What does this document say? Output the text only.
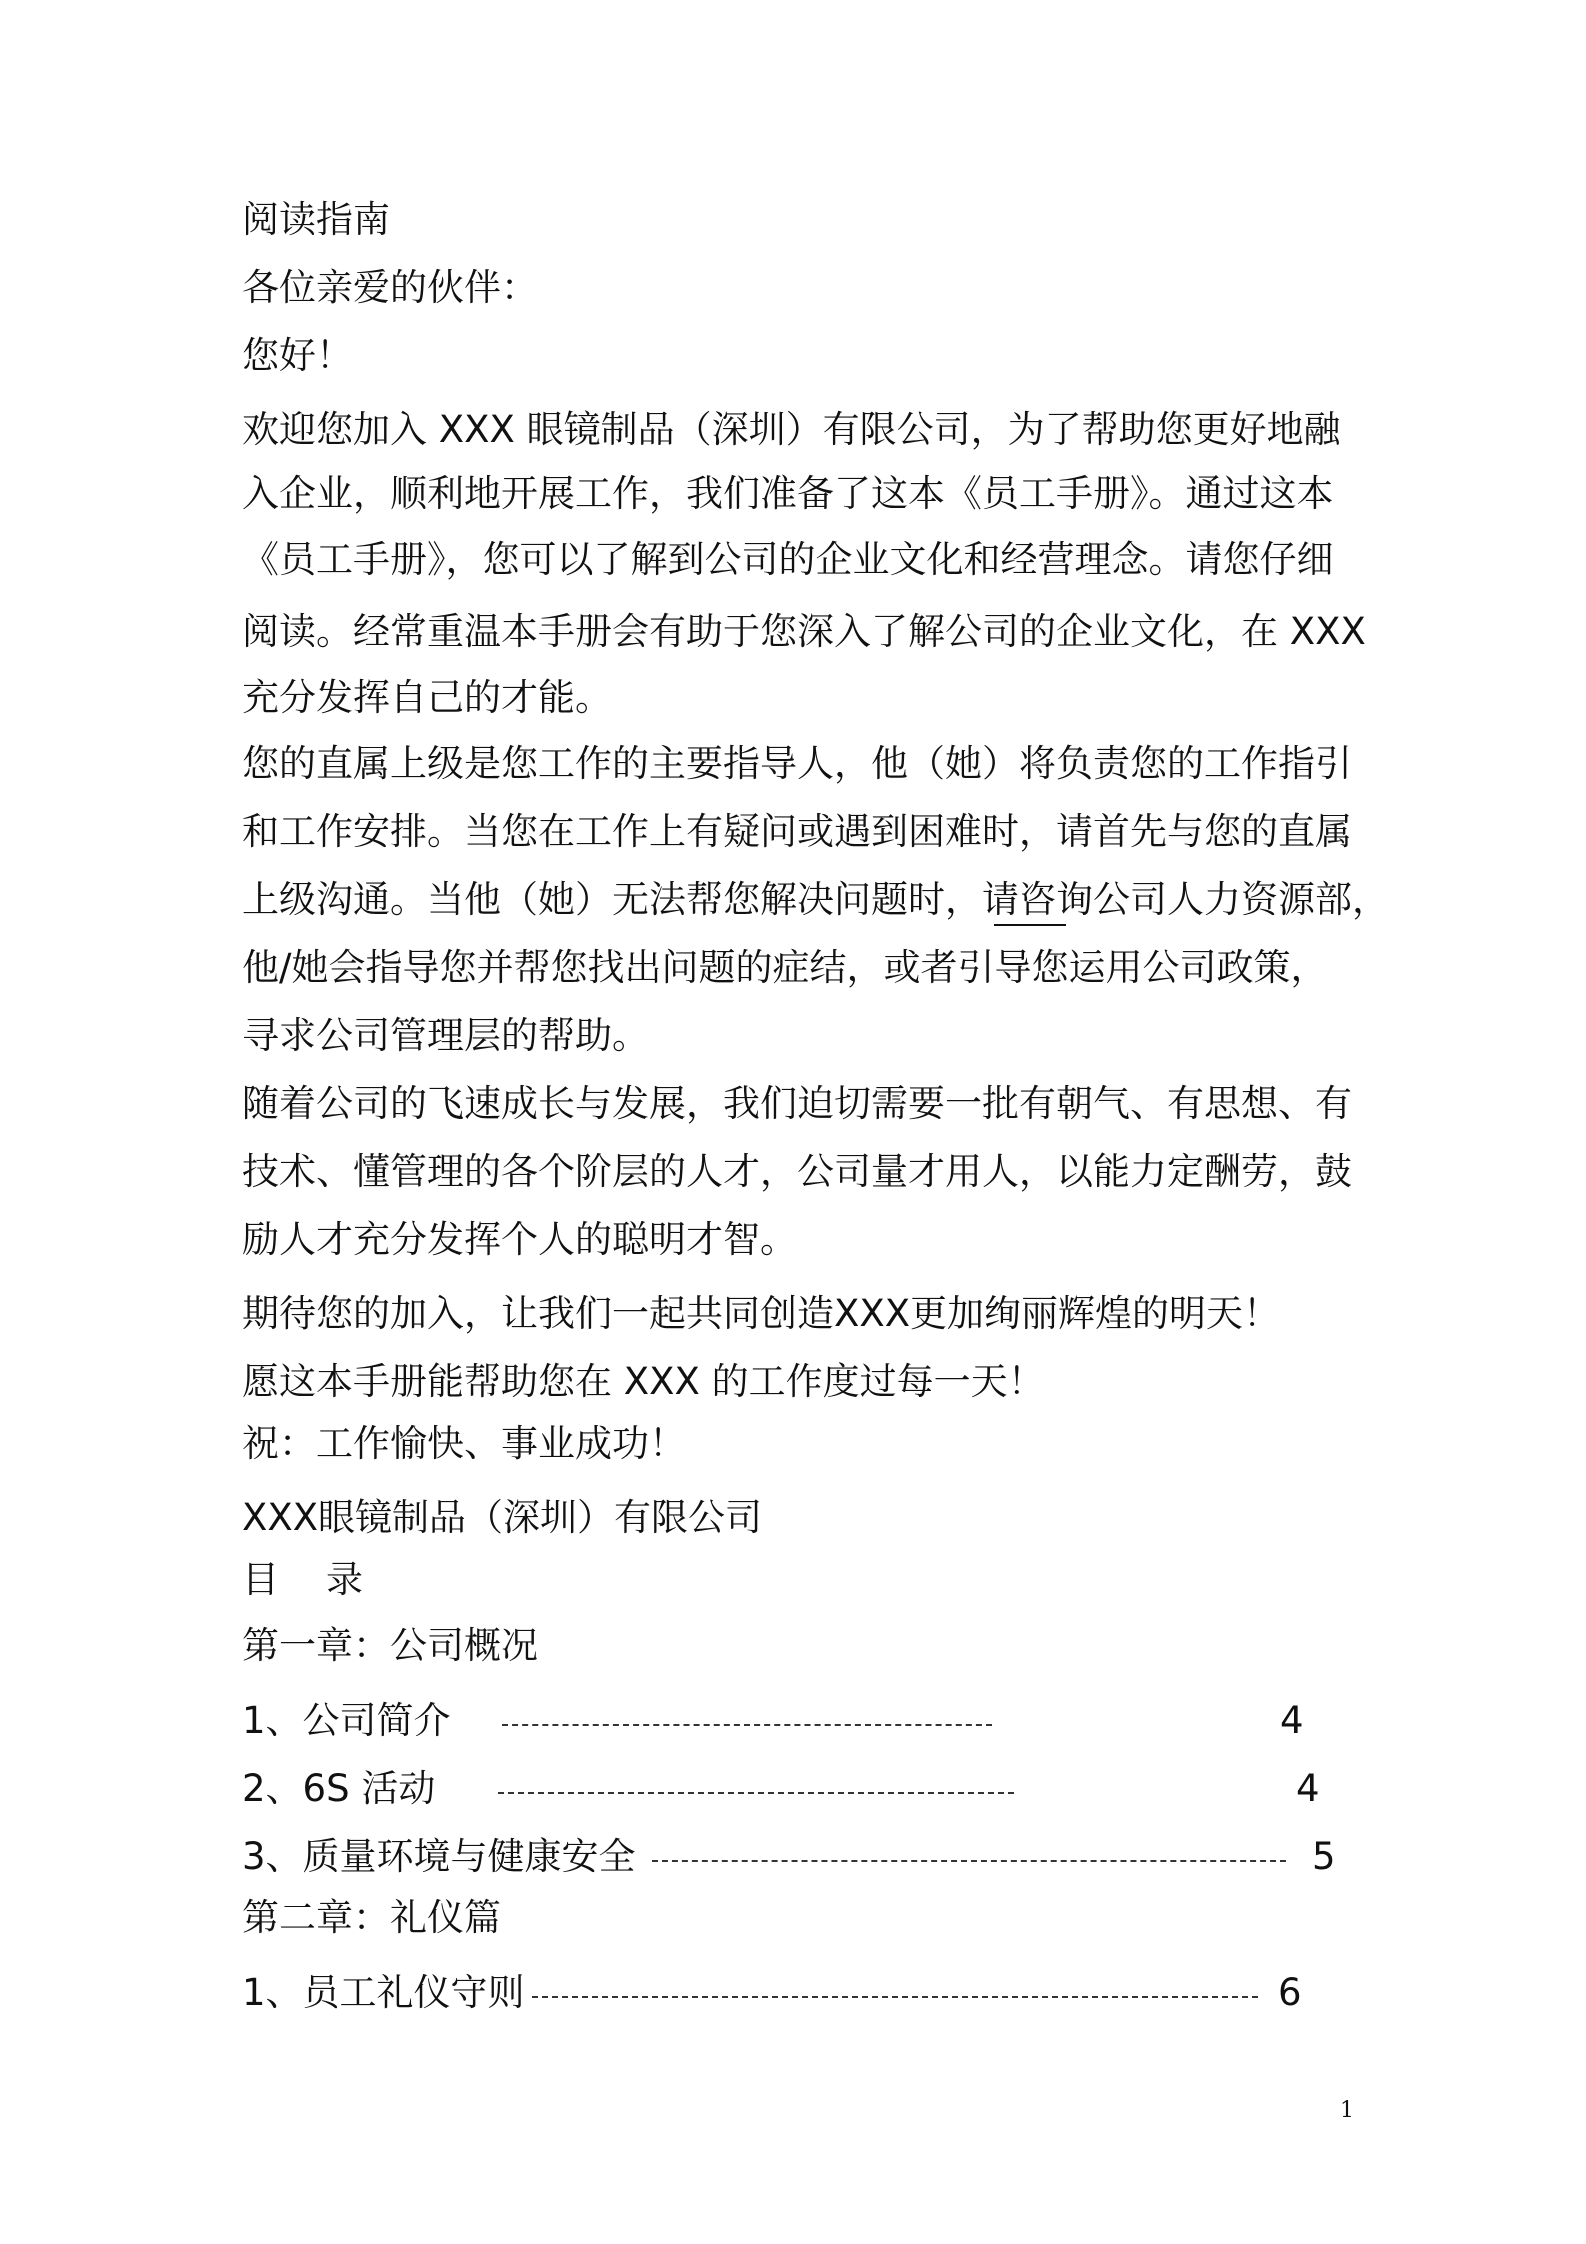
阅读指南
各位亲爱的伙伴：
您好！
欢迎您加入 XXX 眼镜制品（深圳）有限公司，为了帮助您更好地融
入企业，顺利地开展工作，我们准备了这本《员工手册》。通过这本
《员工手册》，您可以了解到公司的企业文化和经营理念。请您仔细
阅读。经常重温本手册会有助于您深入了解公司的企业文化，在 XXX
充分发挥自己的才能。
您的直属上级是您工作的主要指导人，他（她）将负责您的工作指引
和工作安排。当您在工作上有疑问或遇到困难时，请首先与您的直属
上级沟通。当他（她）无法帮您解决问题时，请咨询公司人力资源部，
他/她会指导您并帮您找出问题的症结，或者引导您运用公司政策，
寻求公司管理层的帮助。
随着公司的飞速成长与发展，我们迫切需要一批有朝气、有思想、有
技术、懂管理的各个阶层的人才，公司量才用人，以能力定酬劳，鼓
励人才充分发挥个人的聪明才智。
期待您的加入，让我们一起共同创造XXX更加绚丽辉煌的明天！
愿这本手册能帮助您在 XXX 的工作度过每一天！
祝：工作愉快、事业成功！
XXX眼镜制品（深圳）有限公司
目    录
第一章：公司概况
1、公司简介	4
2、6S 活动	4
3、质量环境与健康安全	5
第二章：礼仪篇
1、员工礼仪守则	6
1
